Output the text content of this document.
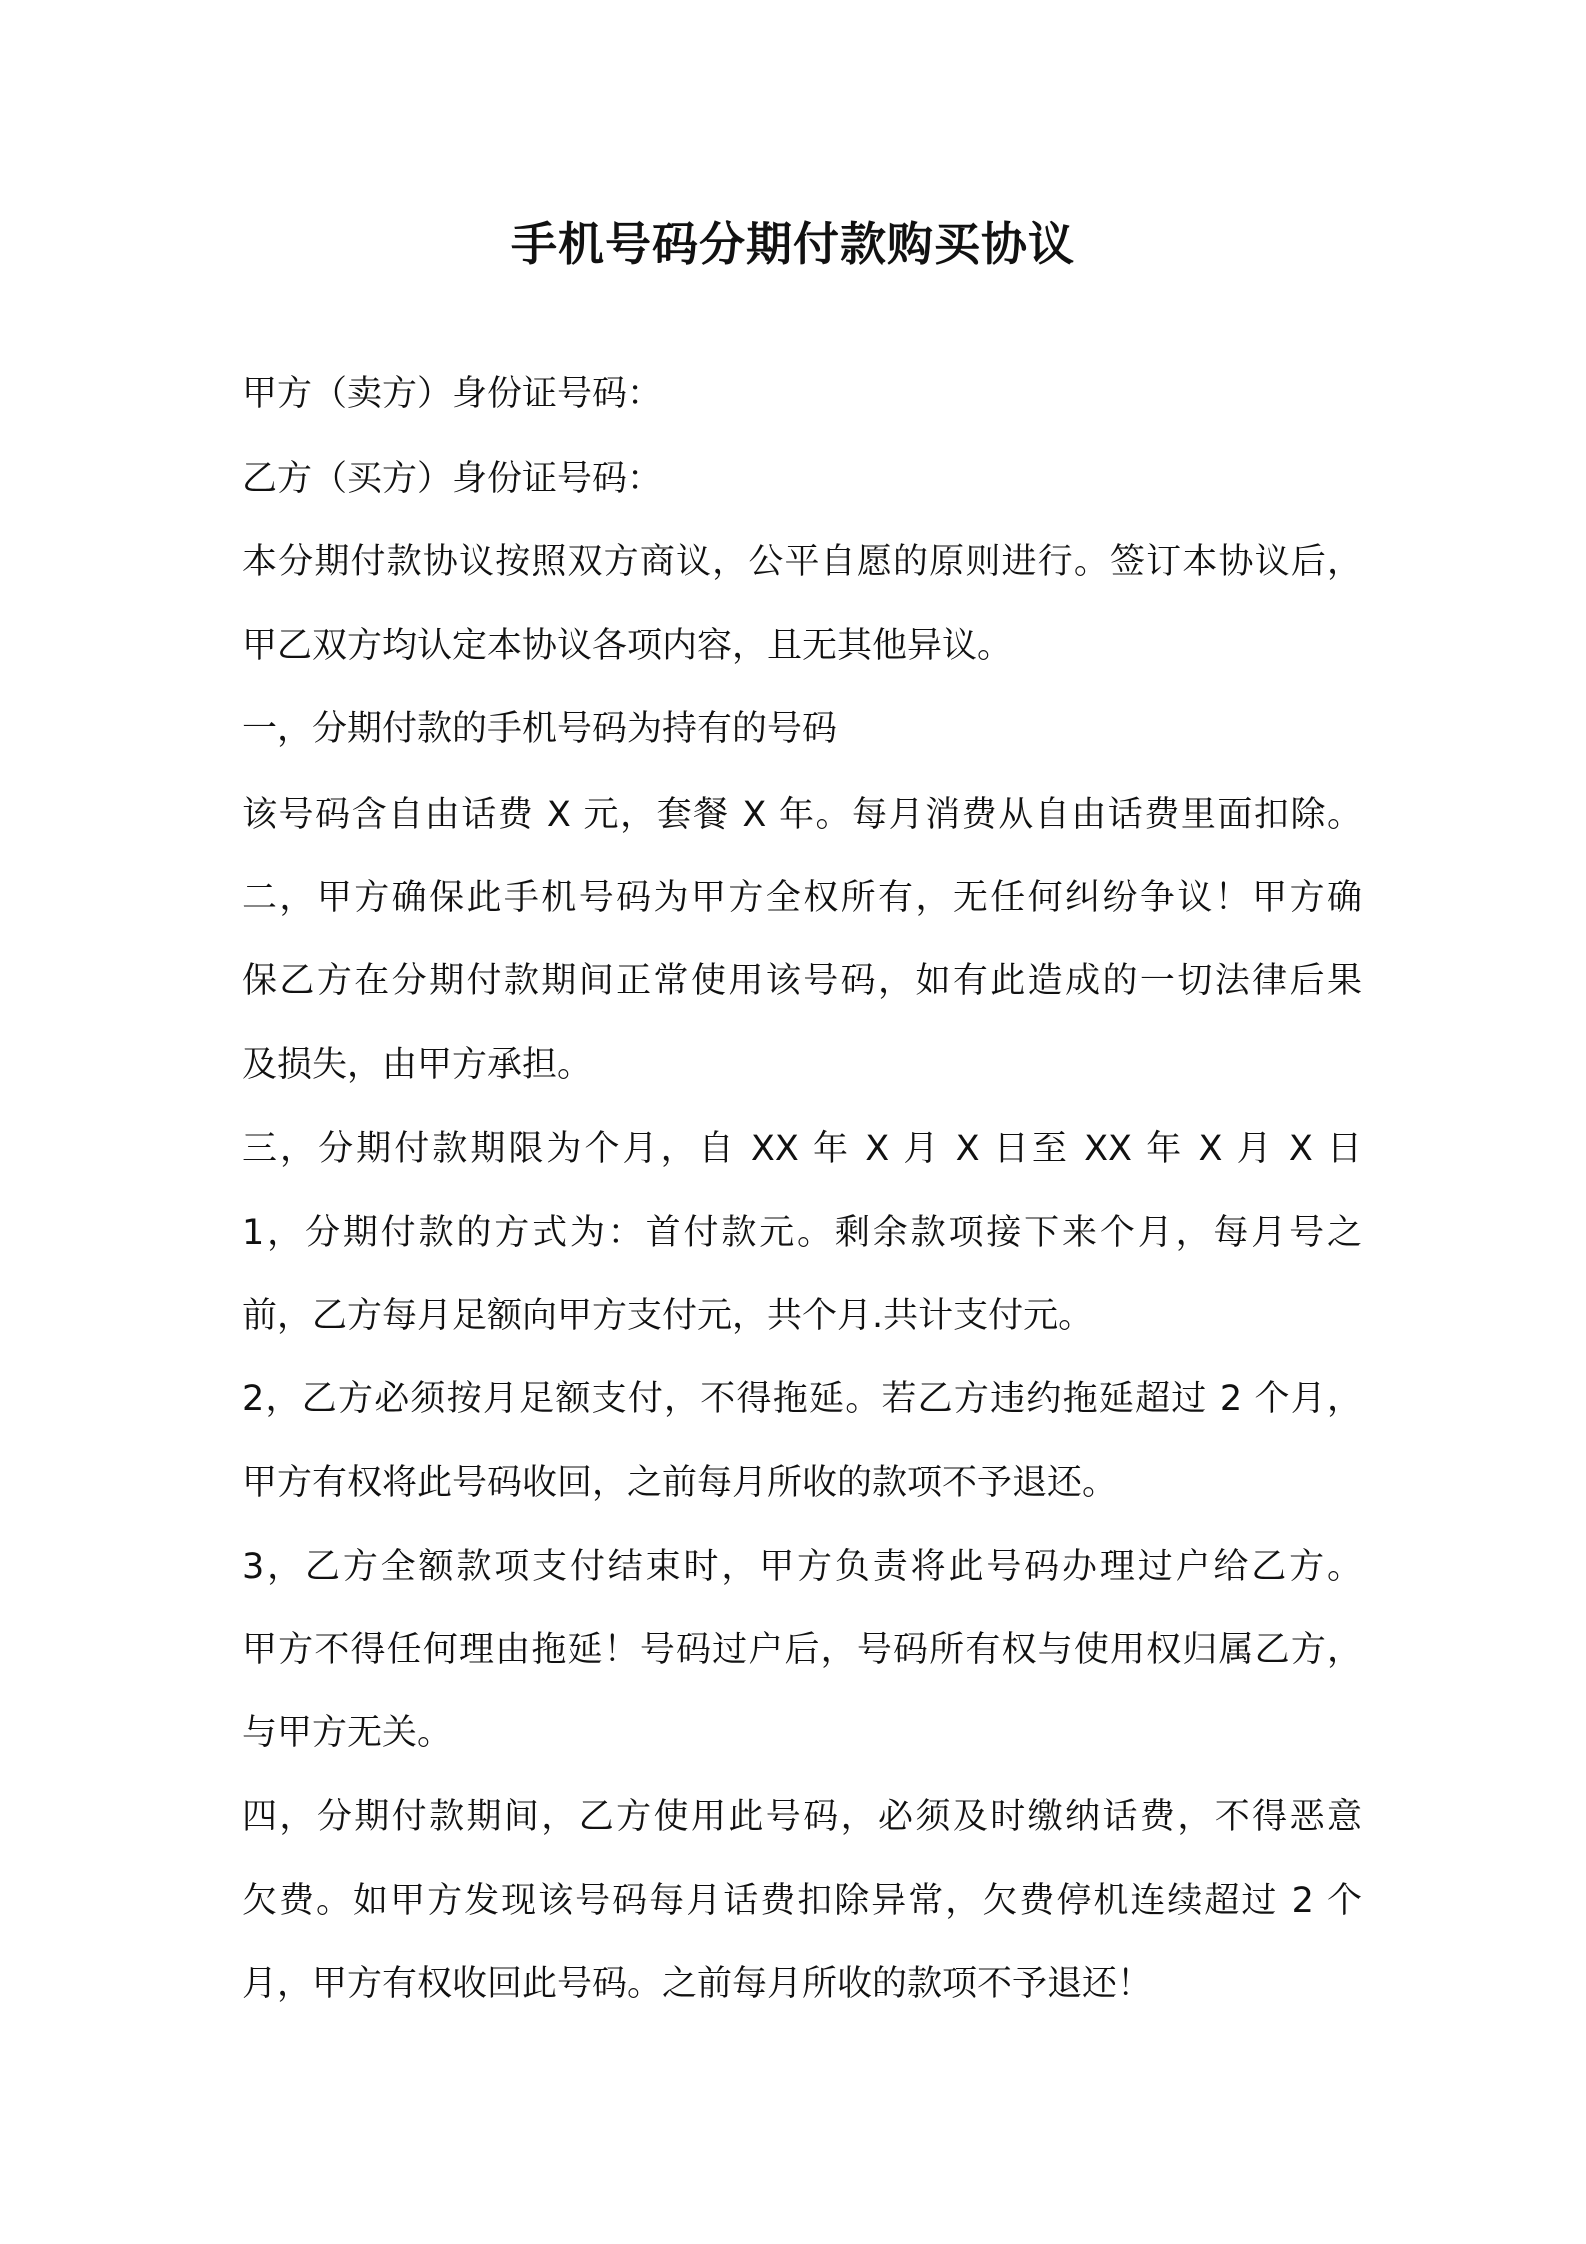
手机号码分期付款购买协议
甲方（卖方）身份证号码：
乙方（买方）身份证号码：
本分期付款协议按照双方商议，公平自愿的原则进行。签订本协议后，
甲乙双方均认定本协议各项内容，且无其他异议。
一，分期付款的手机号码为持有的号码
该号码含自由话费 X 元，套餐 X 年。每月消费从自由话费里面扣除。
二，甲方确保此手机号码为甲方全权所有，无任何纠纷争议！甲方确
保乙方在分期付款期间正常使用该号码，如有此造成的一切法律后果
及损失，由甲方承担。
三，分期付款期限为个月，自 XX 年 X 月 X 日至 XX 年 X 月 X 日
1，分期付款的方式为：首付款元。剩余款项接下来个月，每月号之
前，乙方每月足额向甲方支付元，共个月.共计支付元。
2，乙方必须按月足额支付，不得拖延。若乙方违约拖延超过 2 个月，
甲方有权将此号码收回，之前每月所收的款项不予退还。
3，乙方全额款项支付结束时，甲方负责将此号码办理过户给乙方。
甲方不得任何理由拖延！号码过户后，号码所有权与使用权归属乙方，
与甲方无关。
四，分期付款期间，乙方使用此号码，必须及时缴纳话费，不得恶意
欠费。如甲方发现该号码每月话费扣除异常，欠费停机连续超过 2 个
月，甲方有权收回此号码。之前每月所收的款项不予退还！
